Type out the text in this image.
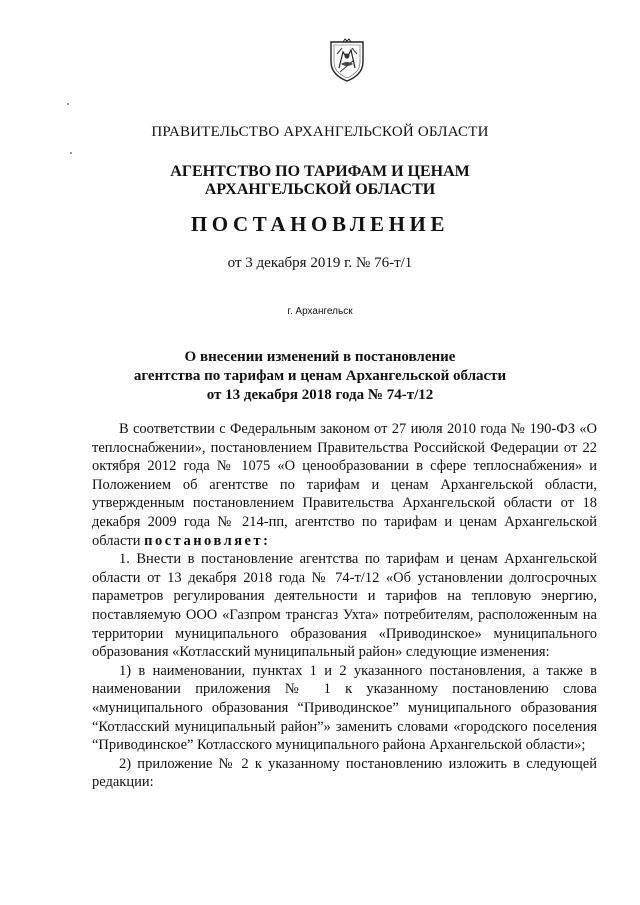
ПРАВИТЕЛЬСТВО АРХАНГЕЛЬСКОЙ ОБЛАСТИ
АГЕНТСТВО ПО ТАРИФАМ И ЦЕНАМ
АРХАНГЕЛЬСКОЙ ОБЛАСТИ
ПОСТАНОВЛЕНИЕ
от 3 декабря 2019 г. № 76-т/1
г. Архангельск
О внесении изменений в постановление
агентства по тарифам и ценам Архангельской области
от 13 декабря 2018 года № 74-т/12

В соответствии с Федеральным законом от 27 июля 2010 года № 190-ФЗ «О теплоснабжении», постановлением Правительства Российской Федерации от 22 октября 2012 года № 1075 «О ценообразовании в сфере теплоснабжения» и Положением об агентстве по тарифам и ценам Архангельской области, утвержденным постановлением Правительства Архангельской области от 18 декабря 2009 года № 214-пп, агентство по тарифам и ценам Архангельской области постановляет:

1. Внести в постановление агентства по тарифам и ценам Архангельской области от 13 декабря 2018 года № 74-т/12 «Об установлении долгосрочных параметров регулирования деятельности и тарифов на тепловую энергию, поставляемую ООО «Газпром трансгаз Ухта» потребителям, расположенным на территории муниципального образования «Приводинское» муниципального образования «Котласский муниципальный район» следующие изменения:

1) в наименовании, пунктах 1 и 2 указанного постановления, а также в наименовании приложения № 1 к указанному постановлению слова «муниципального образования “Приводинское” муниципального образования “Котласский муниципальный район”» заменить словами «городского поселения “Приводинское” Котласского муниципального района Архангельской области»;

2) приложение № 2 к указанному постановлению изложить в следующей редакции:
